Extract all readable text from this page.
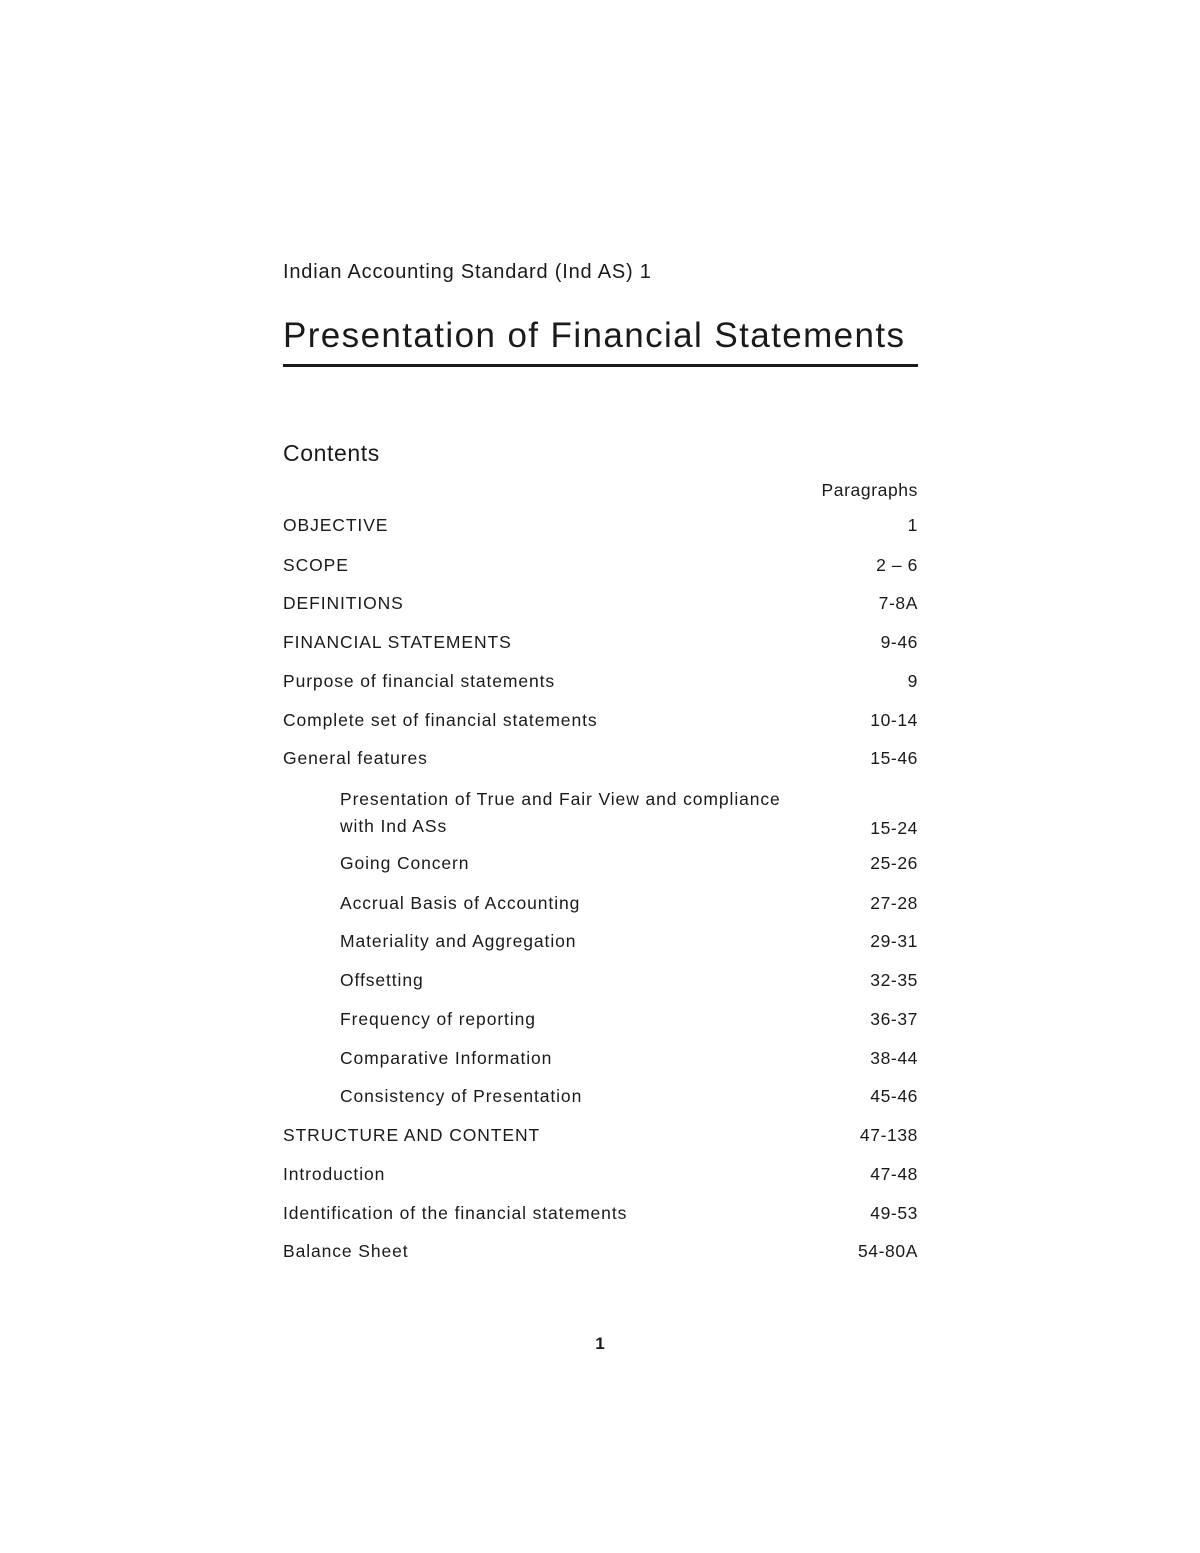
Indian Accounting Standard (Ind AS) 1
Presentation of Financial Statements
Contents
Paragraphs
OBJECTIVE	1
SCOPE	2 – 6
DEFINITIONS	7-8A
FINANCIAL STATEMENTS	9-46
Purpose of financial statements	9
Complete set of financial statements	10-14
General features	15-46
Presentation of True and Fair View and compliance
with Ind ASs	15-24
Going Concern	25-26
Accrual Basis of Accounting	27-28
Materiality and Aggregation	29-31
Offsetting	32-35
Frequency of reporting	36-37
Comparative Information	38-44
Consistency of Presentation	45-46
STRUCTURE AND CONTENT	47-138
Introduction	47-48
Identification of the financial statements	49-53
Balance Sheet	54-80A
1
